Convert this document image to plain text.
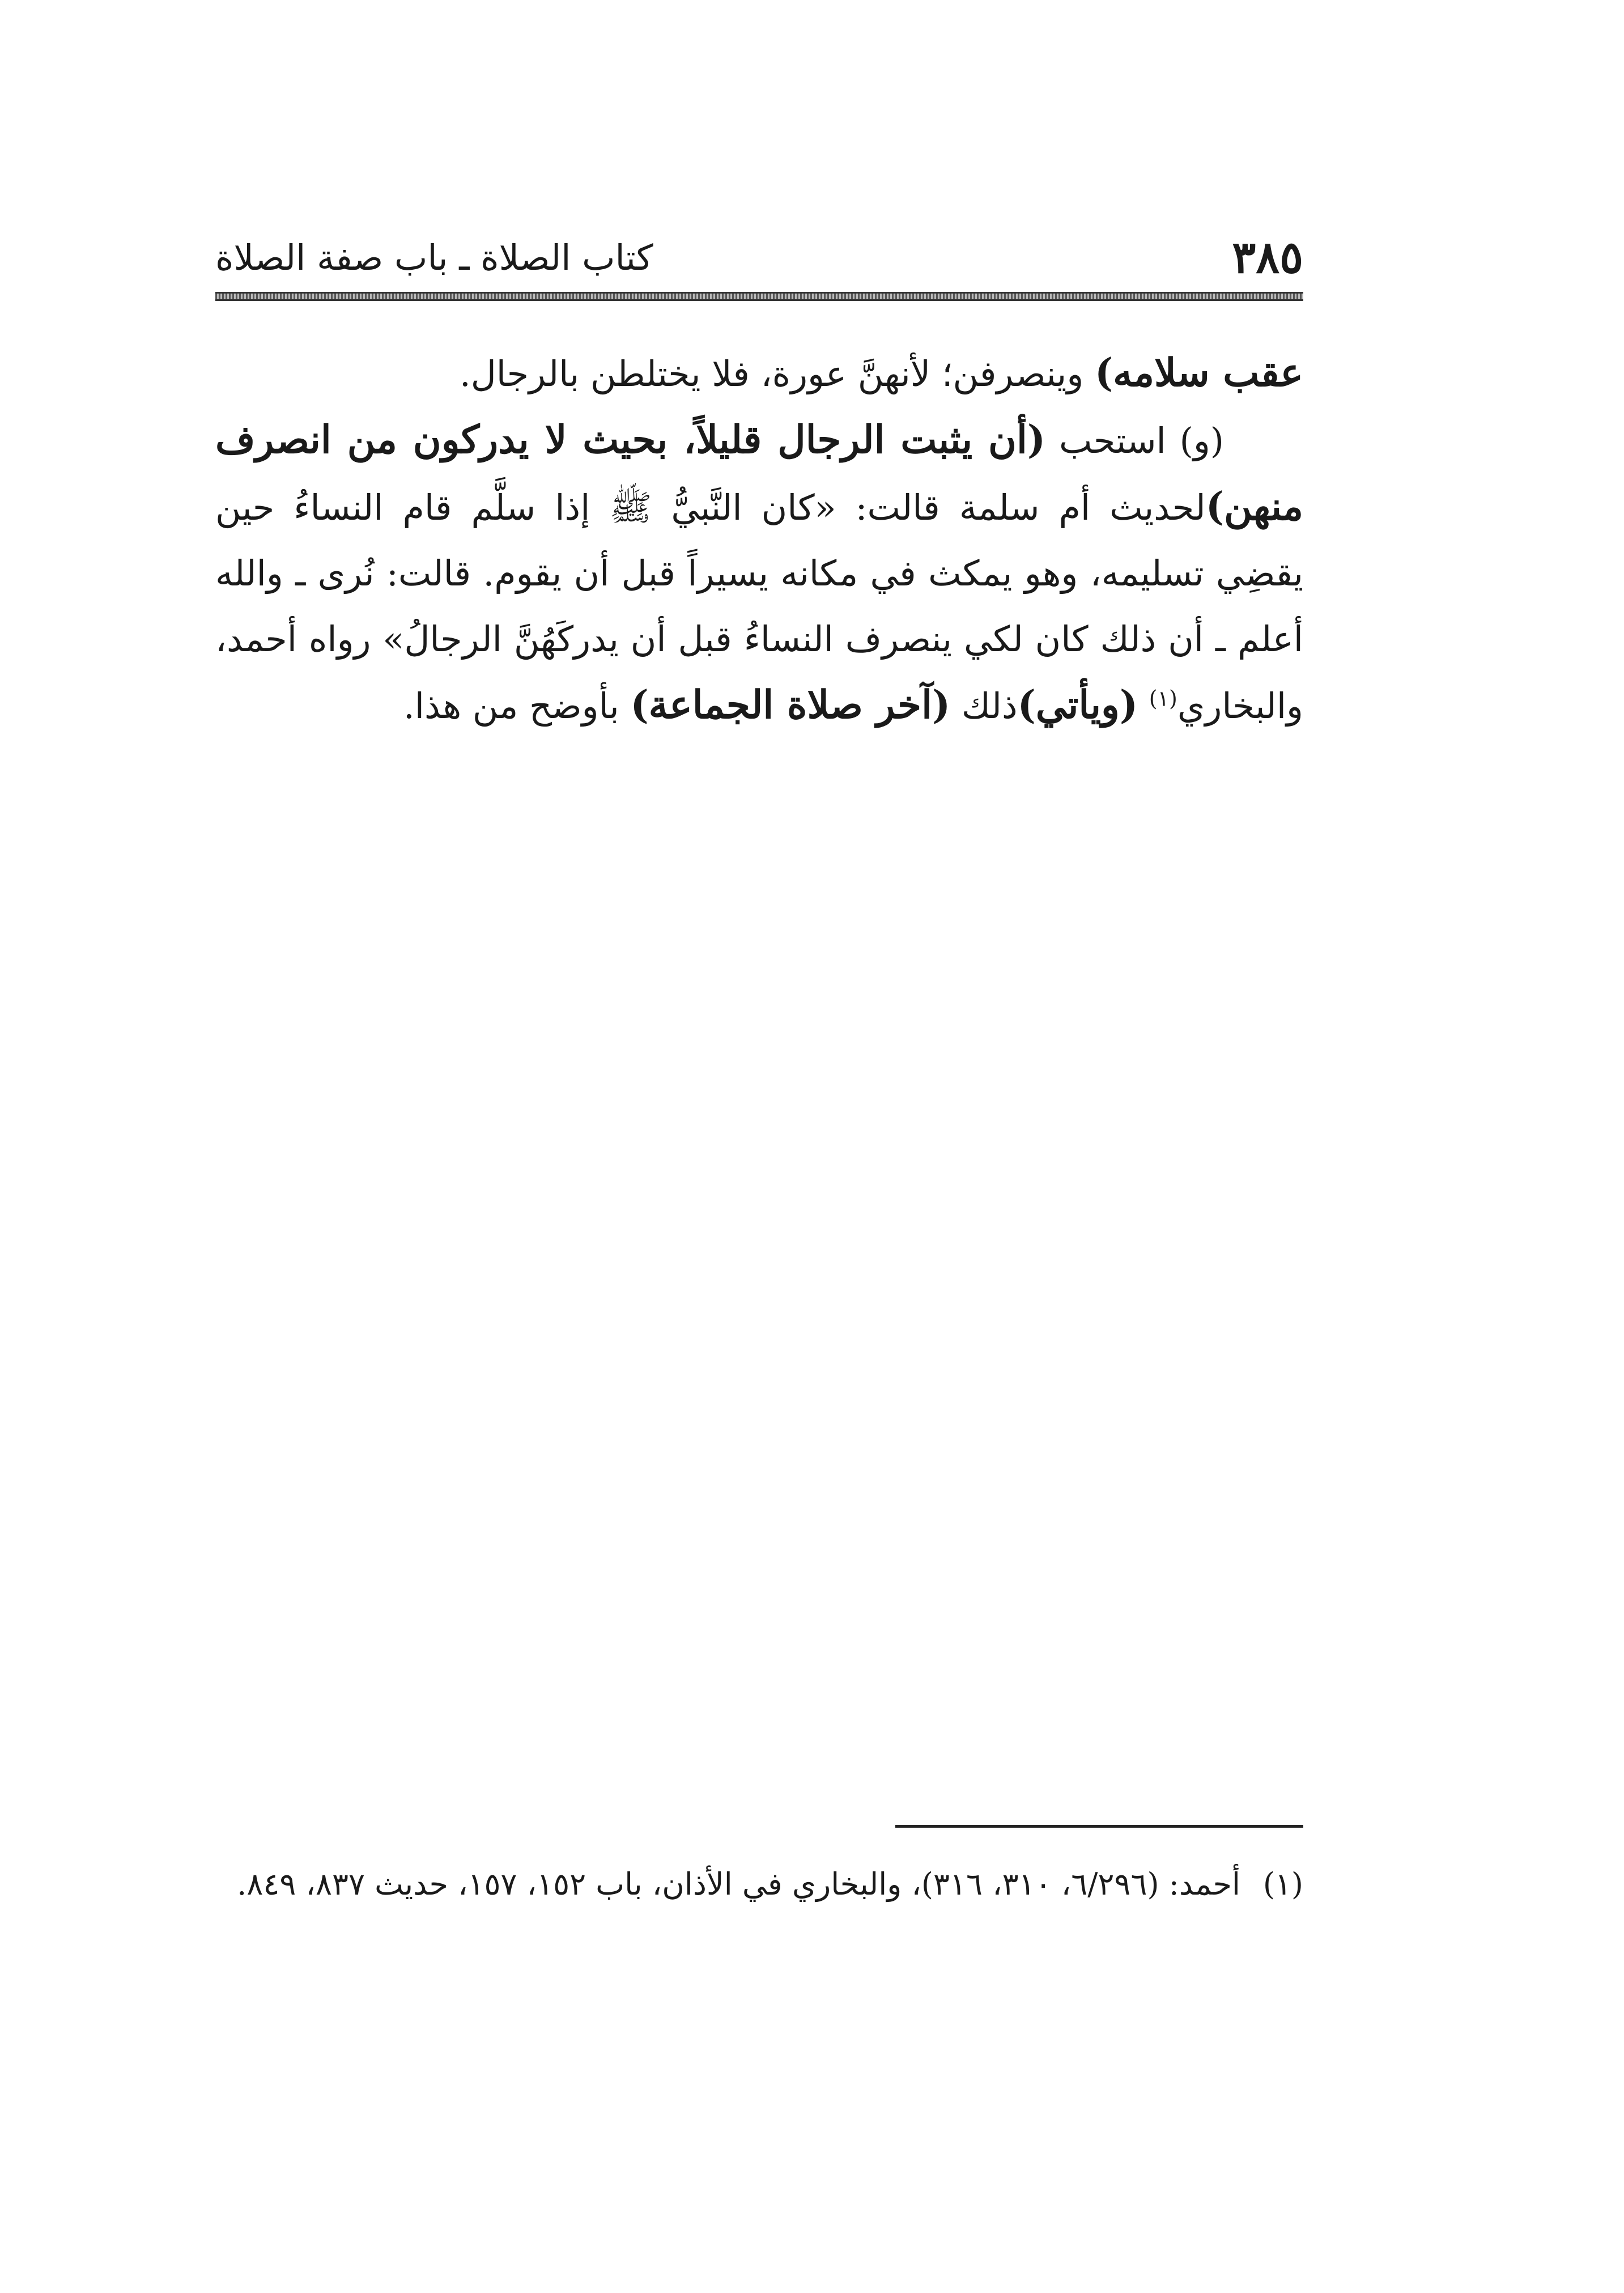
٣٨٥
كتاب الصلاة ـ باب صفة الصلاة

عقب سلامه) وينصرفن؛ لأنهنَّ عورة، فلا يختلطن بالرجال.

(و) استحب (أن يثبت الرجال قليلاً، بحيث لا يدركون من انصرف منهن)لحديث أم سلمة قالت: «كان النَّبيُّ ﷺ إذا سلَّم قام النساءُ حين يقضِي تسليمه، وهو يمكث في مكانه يسيراً قبل أن يقوم. قالت: نُرى ـ والله أعلم ـ أن ذلك كان لكي ينصرف النساءُ قبل أن يدركَهُنَّ الرجالُ» رواه أحمد، والبخاري$^{(١)}$ (ويأتي)ذلك (آخر صلاة الجماعة) بأوضح من هذا.

(١)أحمد: (٦/٢٩٦، ٣١٠، ٣١٦)، والبخاري في الأذان، باب ١٥٢، ١٥٧، حديث ٨٣٧، ٨٤٩.
